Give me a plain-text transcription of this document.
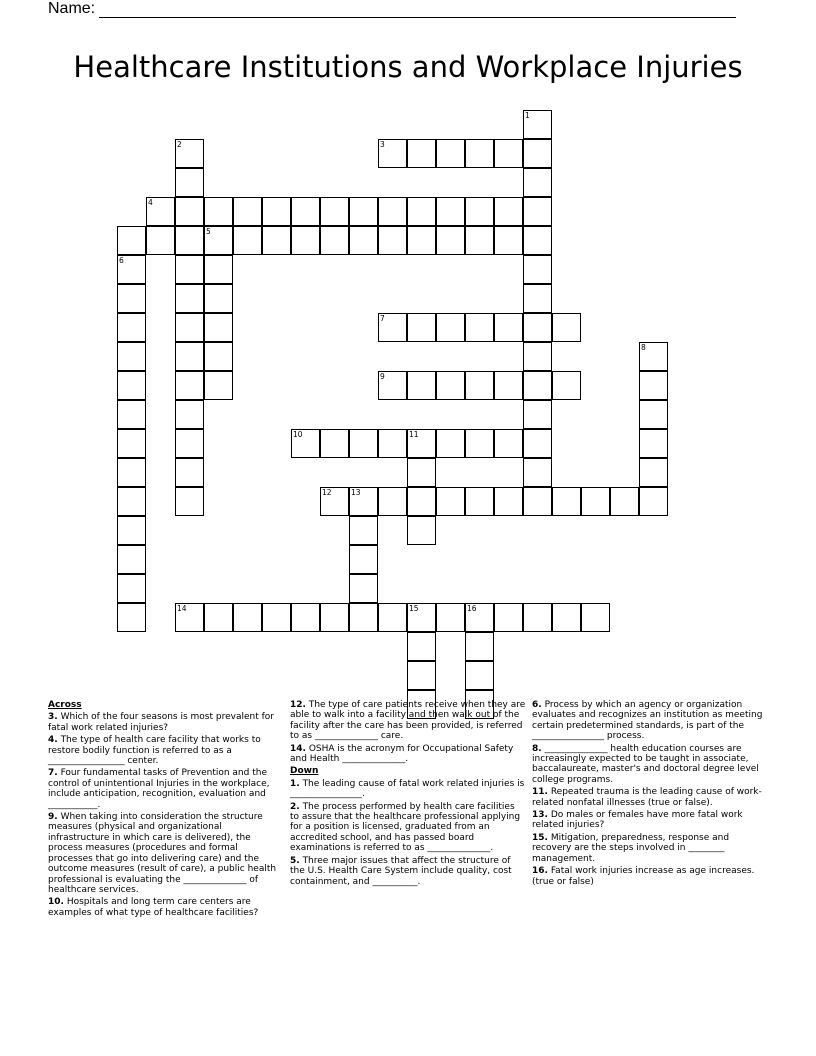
Name:
Healthcare Institutions and Workplace Injuries
1
2	3
4
5
6
7
8
9
10	11
12	13
14	15	16
Across
3. Which of the four seasons is most prevalent for fatal work related injuries?
4. The type of health care facility that works to restore bodily function is referred to as a _________________ center.
7. Four fundamental tasks of Prevention and the control of unintentional Injuries in the workplace, include anticipation, recognition, evaluation and ___________.
9. When taking into consideration the structure measures (physical and organizational infrastructure in which care is delivered), the process measures (procedures and formal processes that go into delivering care) and the outcome measures (result of care), a public health professional is evaluating the ______________ of healthcare services.
10. Hospitals and long term care centers are examples of what type of healthcare facilities?
12. The type of care patients receive when they are able to walk into a facility and then walk out of the facility after the care has been provided, is referred to as ______________ care.
14. OSHA is the acronym for Occupational Safety and Health ______________.
Down
1. The leading cause of fatal work related injuries is ________________.
2. The process performed by health care facilities to assure that the healthcare professional applying for a position is licensed, graduated from an accredited school, and has passed board examinations is referred to as ______________.
5. Three major issues that affect the structure of the U.S. Health Care System include quality, cost containment, and __________.
6. Process by which an agency or organization evaluates and recognizes an institution as meeting certain predetermined standards, is part of the ________________ process.
8. ______________ health education courses are increasingly expected to be taught in associate, baccalaureate, master's and doctoral degree level college programs.
11. Repeated trauma is the leading cause of work-related nonfatal illnesses (true or false).
13. Do males or females have more fatal work related injuries?
15. Mitigation, preparedness, response and recovery are the steps involved in ________ management.
16. Fatal work injuries increase as age increases. (true or false)
